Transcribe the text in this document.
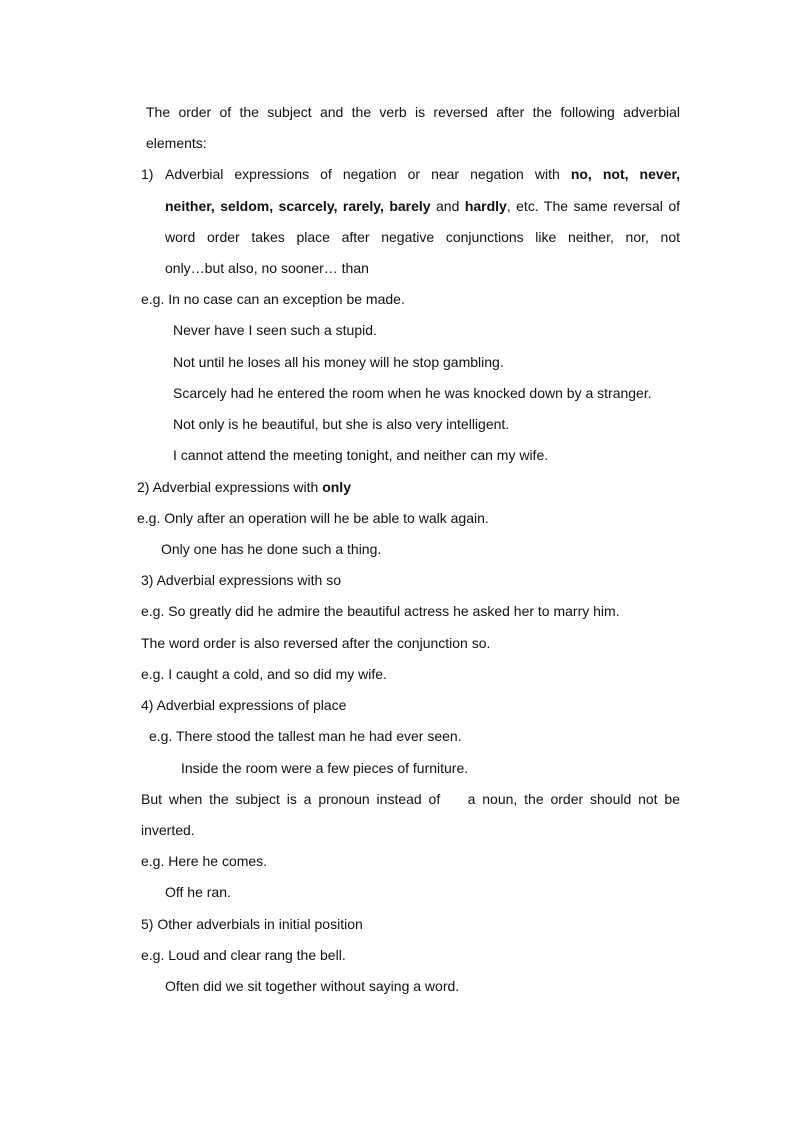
The order of the subject and the verb is reversed after the following adverbial
elements:
1) Adverbial expressions of negation or near negation with no, not, never,
neither, seldom, scarcely, rarely, barely and hardly, etc. The same reversal of
word order takes place after negative conjunctions like neither, nor, not
only…but also, no sooner… than
e.g. In no case can an exception be made.
Never have I seen such a stupid.
Not until he loses all his money will he stop gambling.
Scarcely had he entered the room when he was knocked down by a stranger.
Not only is he beautiful, but she is also very intelligent.
I cannot attend the meeting tonight, and neither can my wife.
2) Adverbial expressions with only
e.g. Only after an operation will he be able to walk again.
Only one has he done such a thing.
3) Adverbial expressions with so
e.g. So greatly did he admire the beautiful actress he asked her to marry him.
The word order is also reversed after the conjunction so.
e.g. I caught a cold, and so did my wife.
4) Adverbial expressions of place
e.g. There stood the tallest man he had ever seen.
Inside the room were a few pieces of furniture.
But when the subject is a pronoun instead of    a noun, the order should not be
inverted.
e.g. Here he comes.
Off he ran.
5) Other adverbials in initial position
e.g. Loud and clear rang the bell.
Often did we sit together without saying a word.
